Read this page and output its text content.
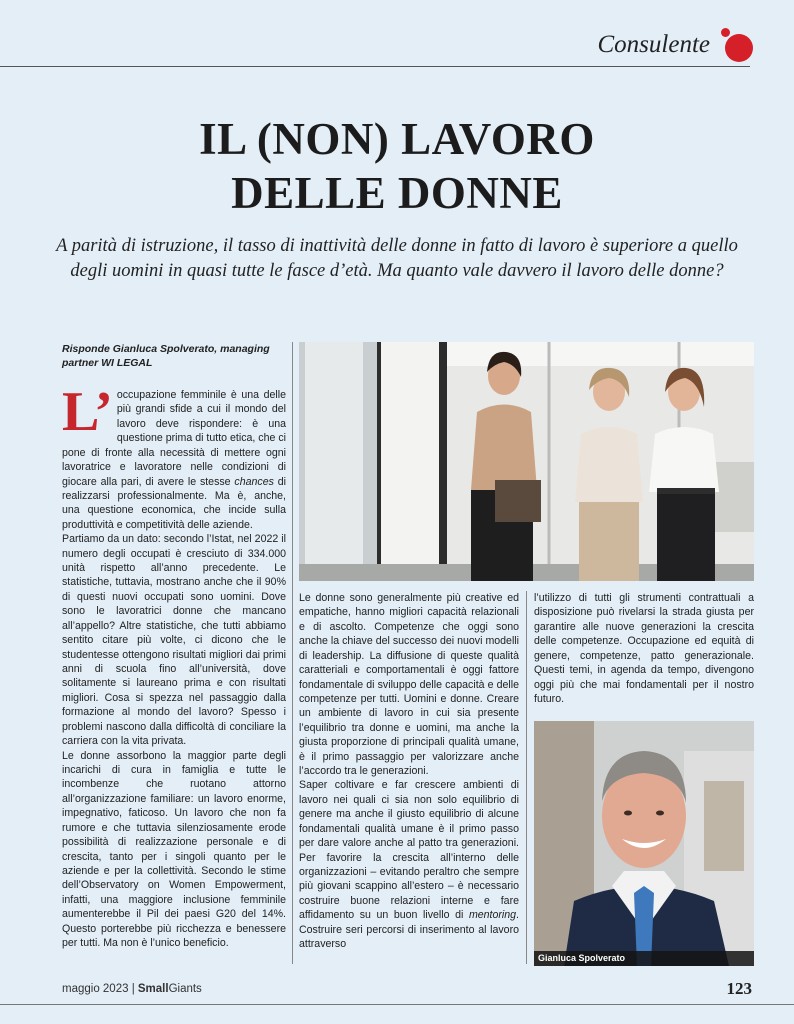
Consulente
IL (NON) LAVORO
DELLE DONNE
A parità di istruzione, il tasso di inattività delle donne in fatto di lavoro è superiore a quello degli uomini in quasi tutte le fasce d’età. Ma quanto vale davvero il lavoro delle donne?
Risponde Gianluca Spolverato, managing partner WI LEGAL

L’ occupazione femminile è una delle più grandi sfide a cui il mondo del lavoro deve rispondere: è una questione prima di tutto etica, che ci pone di fronte alla necessità di mettere ogni lavoratrice e lavoratore nelle condizioni di giocare alla pari, di avere le stesse chances di realizzarsi professionalmente. Ma è, anche, una questione economica, che incide sulla produttività e competitività delle aziende.

Partiamo da un dato: secondo l’Istat, nel 2022 il numero degli occupati è cresciuto di 334.000 unità rispetto all’anno precedente. Le statistiche, tuttavia, mostrano anche che il 90% di questi nuovi occupati sono uomini. Dove sono le lavoratrici donne che mancano all’appello? Altre statistiche, che tutti abbiamo sentito citare più volte, ci dicono che le studentesse ottengono risultati migliori dai primi anni di scuola fino all’università, dove solitamente si laureano prima e con risultati migliori. Cosa si spezza nel passaggio dalla formazione al mondo del lavoro? Spesso i problemi nascono dalla difficoltà di conciliare la carriera con la vita privata.

Le donne assorbono la maggior parte degli incarichi di cura in famiglia e tutte le incombenze che ruotano attorno all’organizzazione familiare: un lavoro enorme, impegnativo, faticoso. Un lavoro che non fa rumore e che tuttavia silenziosamente erode possibilità di realizzazione personale e di crescita, tanto per i singoli quanto per le aziende e per la collettività. Secondo le stime dell’Observatory on Women Empowerment, infatti, una maggiore inclusione femminile aumenterebbe il Pil dei paesi G20 del 14%. Questo porterebbe più ricchezza e benessere per tutti. Ma non è l’unico beneficio.

Le donne sono generalmente più creative ed empatiche, hanno migliori capacità relazionali e di ascolto. Competenze che oggi sono anche la chiave del successo dei nuovi modelli di leadership. La diffusione di queste qualità caratteriali e comportamentali è oggi fattore fondamentale di sviluppo delle capacità e delle competenze per tutti. Uomini e donne. Creare un ambiente di lavoro in cui sia presente l’equilibrio tra donne e uomini, ma anche la giusta proporzione di principali qualità umane, è il primo passaggio per valorizzare anche l’accordo tra le generazioni.

Saper coltivare e far crescere ambienti di lavoro nei quali ci sia non solo equilibrio di genere ma anche il giusto equilibrio di alcune fondamentali qualità umane è il primo passo per dare valore anche al patto tra generazioni. Per favorire la crescita all’interno delle organizzazioni – evitando peraltro che sempre più giovani scappino all’estero – è necessario costruire buone relazioni interne e fare affidamento su un buon livello di mentoring. Costruire seri percorsi di inserimento al lavoro attraverso

l’utilizzo di tutti gli strumenti contrattuali a disposizione può rivelarsi la strada giusta per garantire alle nuove generazioni la crescita delle competenze. Occupazione ed equità di genere, competenze, patto generazionale. Questi temi, in agenda da tempo, divengono oggi più che mai fondamentali per il nostro futuro.

Gianluca Spolverato
maggio 2023 | SmallGiants	123
